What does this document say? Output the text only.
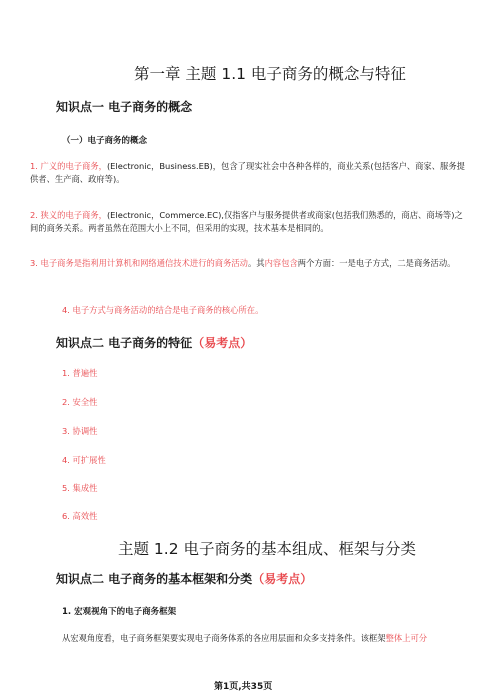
第一章 主题 1.1 电子商务的概念与特征
知识点一 电子商务的概念
（一）电子商务的概念
1. 广义的电子商务，(Electronic，Business.EB)，包含了现实社会中各种各样的，商业关系(包括客户、商家、服务提供者、生产商、政府等)。
2. 狭义的电子商务，(Electronic，Commerce.EC),仅指客户与服务提供者或商家(包括我们熟悉的，商店、商场等)之间的商务关系。两者虽然在范围大小上不同，但采用的实现，技术基本是相同的。
3. 电子商务是指利用计算机和网络通信技术进行的商务活动。其内容包含两个方面：一是电子方式，二是商务活动。
4. 电子方式与商务活动的结合是电子商务的核心所在。
知识点二 电子商务的特征（易考点）
1. 普遍性
2. 安全性
3. 协调性
4. 可扩展性
5. 集成性
6. 高效性
主题 1.2 电子商务的基本组成、框架与分类
知识点二 电子商务的基本框架和分类（易考点）
1. 宏观视角下的电子商务框架
从宏观角度看，电子商务框架要实现电子商务体系的各应用层面和众多支持条件。该框架整体上可分
第1页,共35页
